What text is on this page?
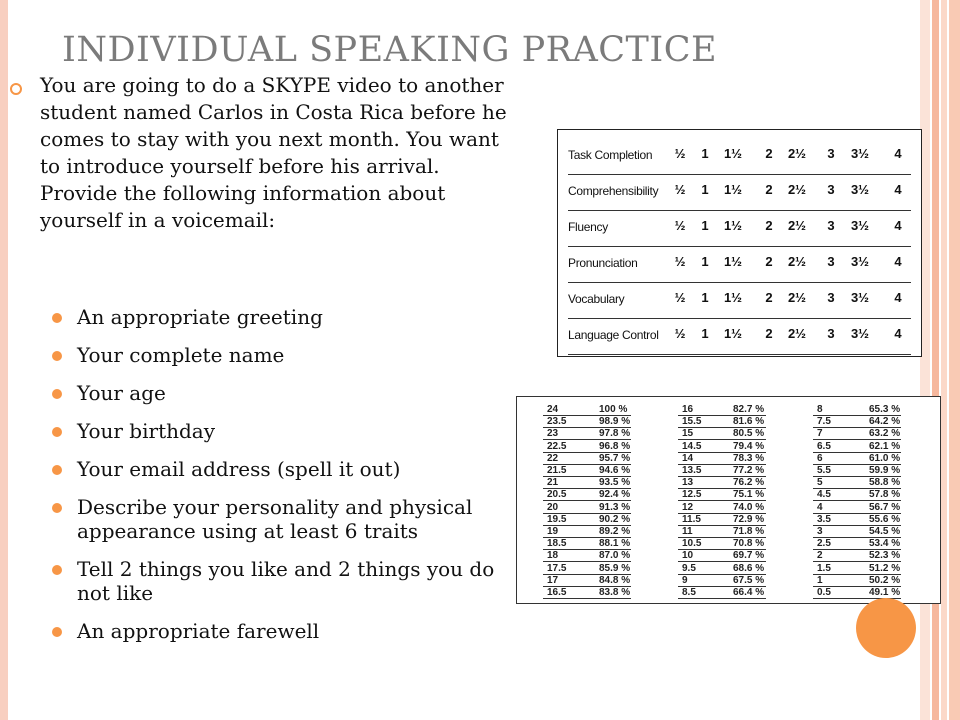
INDIVIDUAL SPEAKING PRACTICE
You are going to do a SKYPE video to another student named Carlos in Costa Rica before he comes to stay with you next month. You want to introduce yourself before his arrival. Provide the following information about yourself in a voicemail:
An appropriate greeting
Your complete name
Your age
Your birthday
Your email address (spell it out)
Describe your personality and physical appearance using at least 6 traits
Tell 2 things you like and 2 things you do not like
An appropriate farewell
Task Completion	½	1	1½	2	2½	3	3½	4
Comprehensibility	½	1	1½	2	2½	3	3½	4
Fluency	½	1	1½	2	2½	3	3½	4
Pronunciation	½	1	1½	2	2½	3	3½	4
Vocabulary	½	1	1½	2	2½	3	3½	4
Language Control	½	1	1½	2	2½	3	3½	4
24	100 %
23.5	98.9 %
23	97.8 %
22.5	96.8 %
22	95.7 %
21.5	94.6 %
21	93.5 %
20.5	92.4 %
20	91.3 %
19.5	90.2 %
19	89.2 %
18.5	88.1 %
18	87.0 %
17.5	85.9 %
17	84.8 %
16.5	83.8 %
16	82.7 %
15.5	81.6 %
15	80.5 %
14.5	79.4 %
14	78.3 %
13.5	77.2 %
13	76.2 %
12.5	75.1 %
12	74.0 %
11.5	72.9 %
11	71.8 %
10.5	70.8 %
10	69.7 %
9.5	68.6 %
9	67.5 %
8.5	66.4 %
8	65.3 %
7.5	64.2 %
7	63.2 %
6.5	62.1 %
6	61.0 %
5.5	59.9 %
5	58.8 %
4.5	57.8 %
4	56.7 %
3.5	55.6 %
3	54.5 %
2.5	53.4 %
2	52.3 %
1.5	51.2 %
1	50.2 %
0.5	49.1 %
